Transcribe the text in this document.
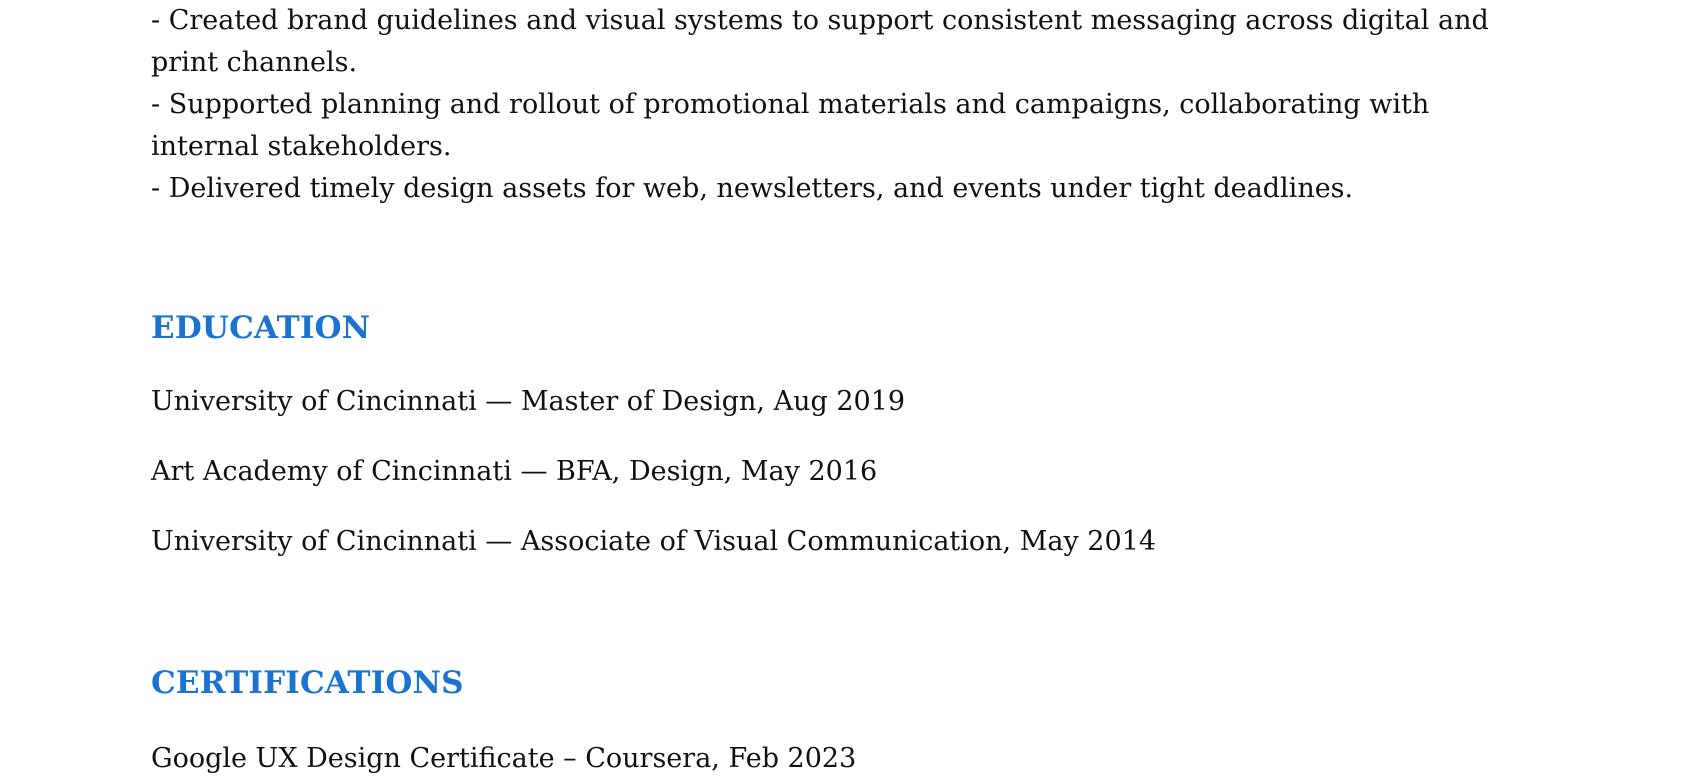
- Created brand guidelines and visual systems to support consistent messaging across digital and print channels.

- Supported planning and rollout of promotional materials and campaigns, collaborating with internal stakeholders.

- Delivered timely design assets for web, newsletters, and events under tight deadlines.

EDUCATION
University of Cincinnati — Master of Design, Aug 2019
Art Academy of Cincinnati — BFA, Design, May 2016
University of Cincinnati — Associate of Visual Communication, May 2014
CERTIFICATIONS
Google UX Design Certificate – Coursera, Feb 2023
